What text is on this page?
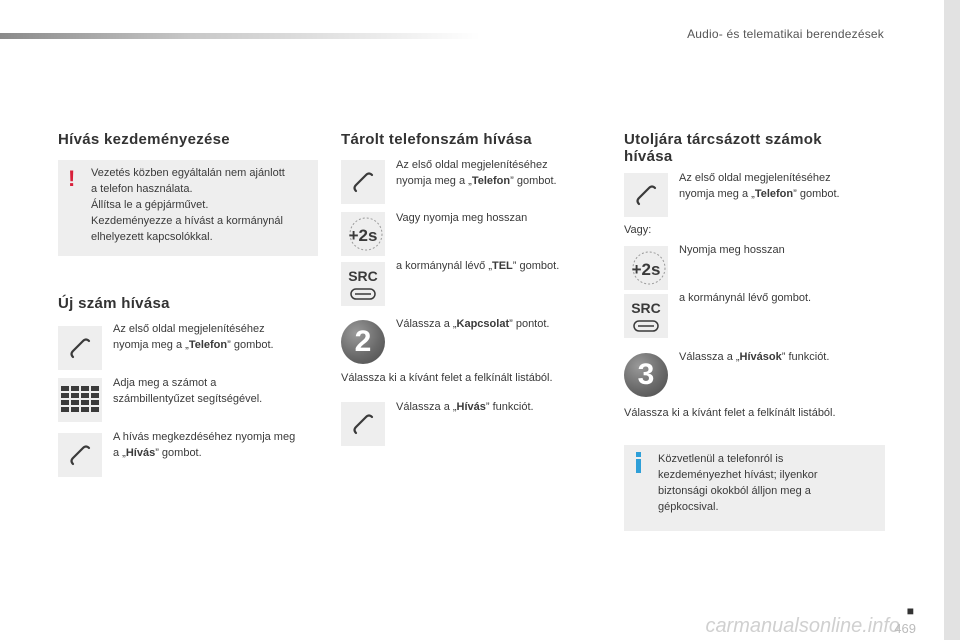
Audio- és telematikai berendezések
Hívás kezdeményezése
! Vezetés közben egyáltalán nem ajánlott
a telefon használata.
Állítsa le a gépjárművet.
Kezdeményezze a hívást a kormánynál
elhelyezett kapcsolókkal.
Új szám hívása
Az első oldal megjelenítéséhez
nyomja meg a „Telefon” gombot.
Adja meg a számot a
számbillentyűzet segítségével.
A hívás megkezdéséhez nyomja meg
a „Hívás” gombot.
Tárolt telefonszám hívása
Az első oldal megjelenítéséhez
nyomja meg a „Telefon” gombot.
+2s
Vagy nyomja meg hosszan
SRC
a kormánynál lévő „TEL” gombot.
2
Válassza a „Kapcsolat” pontot.
Válassza ki a kívánt felet a felkínált listából.
Válassza a „Hívás” funkciót.
Utoljára tárcsázott számok
hívása
Az első oldal megjelenítéséhez
nyomja meg a „Telefon” gombot.
Vagy:
+2s
Nyomja meg hosszan
SRC
a kormánynál lévő gombot.
3
Válassza a „Hívások” funkciót.
Válassza ki a kívánt felet a felkínált listából.
Közvetlenül a telefonról is
kezdeményezhet hívást; ilyenkor
biztonsági okokból álljon meg a
gépkocsival.
■
carmanualsonline.info
469
